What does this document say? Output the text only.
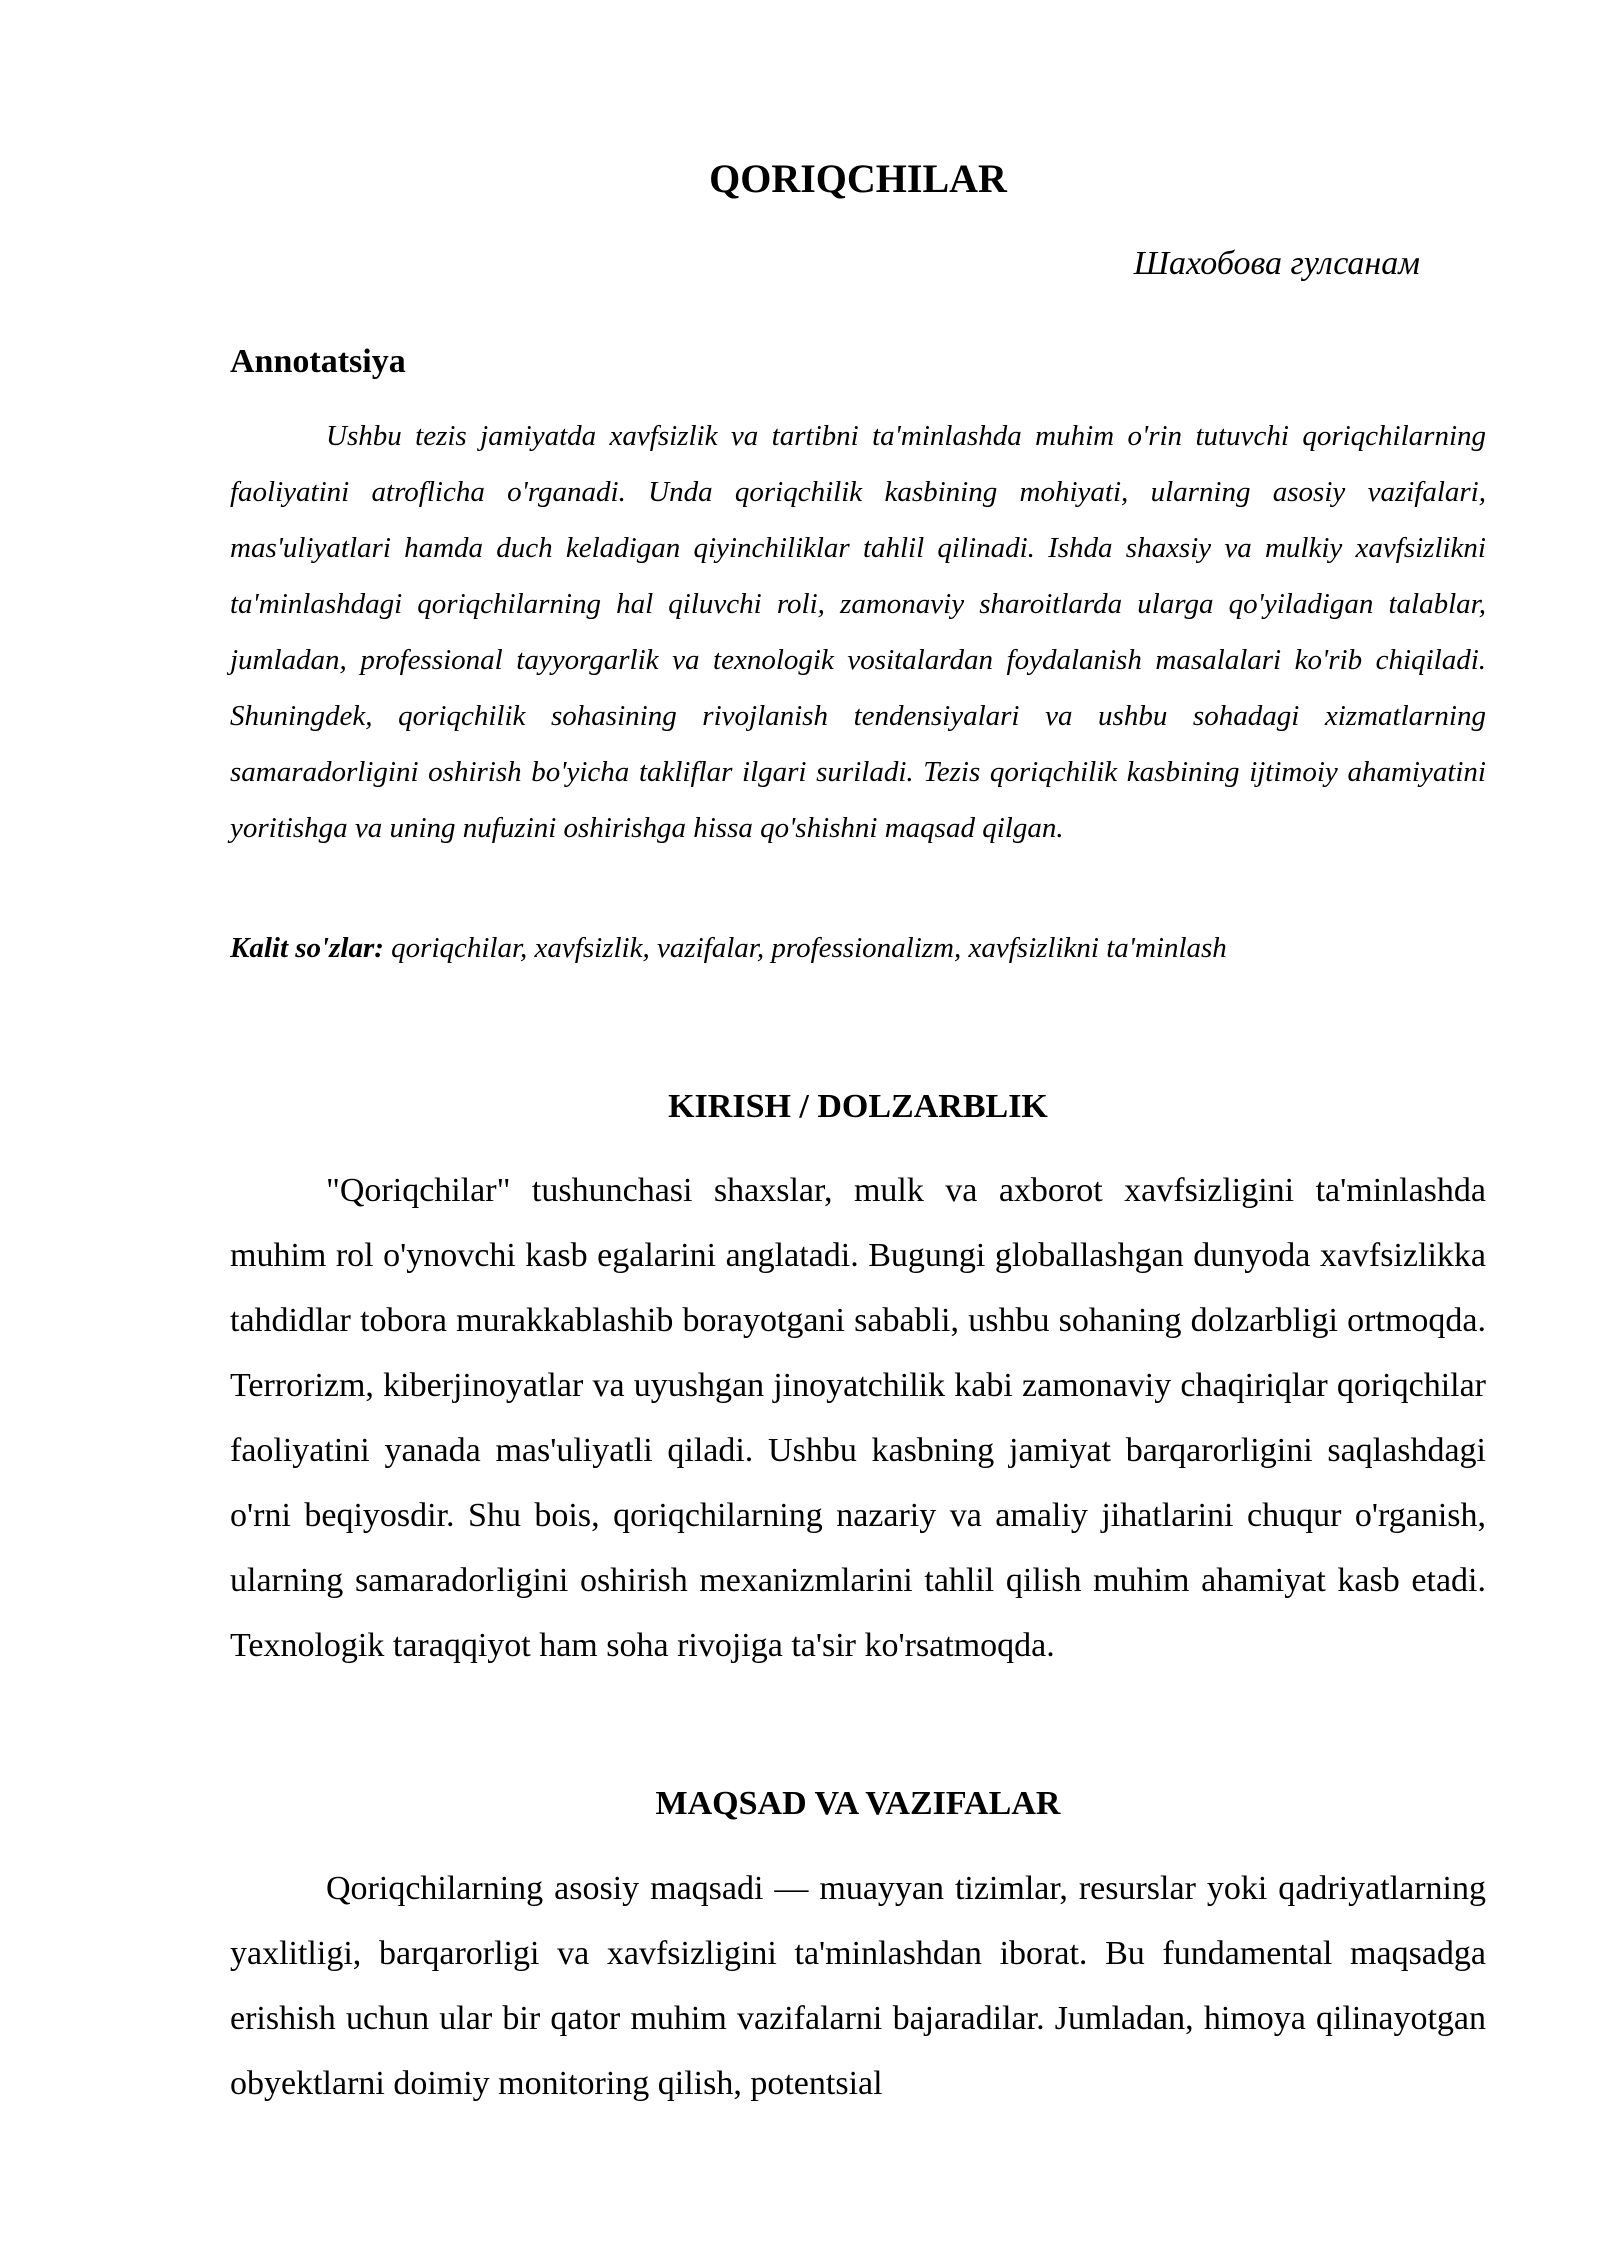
QORIQCHILAR

Шахобова гулсанам

Annotatsiya

Ushbu tezis jamiyatda xavfsizlik va tartibni ta'minlashda muhim o'rin tutuvchi qoriqchilarning faoliyatini atroflicha o'rganadi. Unda qoriqchilik kasbining mohiyati, ularning asosiy vazifalari, mas'uliyatlari hamda duch keladigan qiyinchiliklar tahlil qilinadi. Ishda shaxsiy va mulkiy xavfsizlikni ta'minlashdagi qoriqchilarning hal qiluvchi roli, zamonaviy sharoitlarda ularga qo'yiladigan talablar, jumladan, professional tayyorgarlik va texnologik vositalardan foydalanish masalalari ko'rib chiqiladi. Shuningdek, qoriqchilik sohasining rivojlanish tendensiyalari va ushbu sohadagi xizmatlarning samaradorligini oshirish bo'yicha takliflar ilgari suriladi. Tezis qoriqchilik kasbining ijtimoiy ahamiyatini yoritishga va uning nufuzini oshirishga hissa qo'shishni maqsad qilgan.

Kalit so'zlar: qoriqchilar, xavfsizlik, vazifalar, professionalizm, xavfsizlikni ta'minlash

KIRISH / DOLZARBLIK

"Qoriqchilar" tushunchasi shaxslar, mulk va axborot xavfsizligini ta'minlashda muhim rol o'ynovchi kasb egalarini anglatadi. Bugungi globallashgan dunyoda xavfsizlikka tahdidlar tobora murakkablashib borayotgani sababli, ushbu sohaning dolzarbligi ortmoqda. Terrorizm, kiberjinoyatlar va uyushgan jinoyatchilik kabi zamonaviy chaqiriqlar qoriqchilar faoliyatini yanada mas'uliyatli qiladi. Ushbu kasbning jamiyat barqarorligini saqlashdagi o'rni beqiyosdir. Shu bois, qoriqchilarning nazariy va amaliy jihatlarini chuqur o'rganish, ularning samaradorligini oshirish mexanizmlarini tahlil qilish muhim ahamiyat kasb etadi. Texnologik taraqqiyot ham soha rivojiga ta'sir ko'rsatmoqda.

MAQSAD VA VAZIFALAR

Qoriqchilarning asosiy maqsadi — muayyan tizimlar, resurslar yoki qadriyatlarning yaxlitligi, barqarorligi va xavfsizligini ta'minlashdan iborat. Bu fundamental maqsadga erishish uchun ular bir qator muhim vazifalarni bajaradilar. Jumladan, himoya qilinayotgan obyektlarni doimiy monitoring qilish, potentsial
